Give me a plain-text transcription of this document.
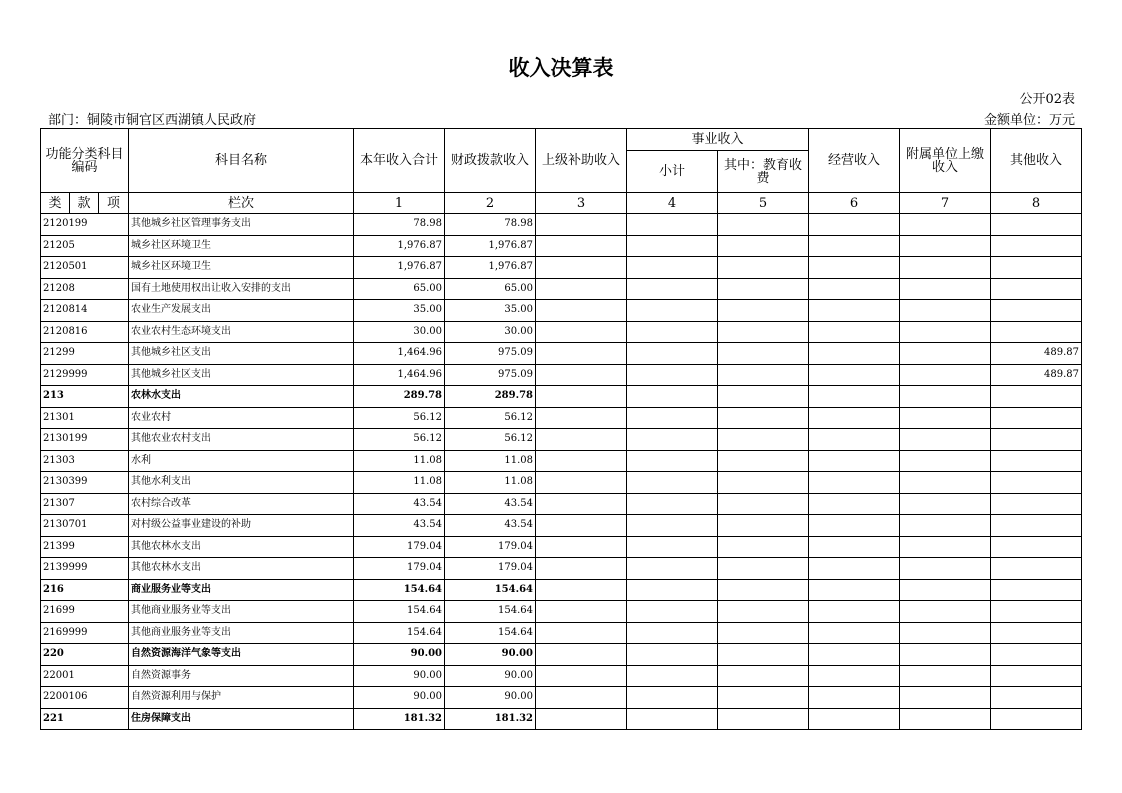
收入决算表
公开02表
部门：铜陵市铜官区西湖镇人民政府	金额单位：万元
功能分类科目编码			科目名称	本年收入合计	财政拨款收入	上级补助收入	事业收入		经营收入	附属单位上缴收入	其他收入
							小计	其中：教育收费			
类	款	项	栏次	1	2	3	4	5	6	7	8
2120199			其他城乡社区管理事务支出	78.98	78.98						
21205			城乡社区环境卫生	1,976.87	1,976.87						
2120501			城乡社区环境卫生	1,976.87	1,976.87						
21208			国有土地使用权出让收入安排的支出	65.00	65.00						
2120814			农业生产发展支出	35.00	35.00						
2120816			农业农村生态环境支出	30.00	30.00						
21299			其他城乡社区支出	1,464.96	975.09						489.87
2129999			其他城乡社区支出	1,464.96	975.09						489.87
213			农林水支出	289.78	289.78						
21301			农业农村	56.12	56.12						
2130199			其他农业农村支出	56.12	56.12						
21303			水利	11.08	11.08						
2130399			其他水利支出	11.08	11.08						
21307			农村综合改革	43.54	43.54						
2130701			对村级公益事业建设的补助	43.54	43.54						
21399			其他农林水支出	179.04	179.04						
2139999			其他农林水支出	179.04	179.04						
216			商业服务业等支出	154.64	154.64						
21699			其他商业服务业等支出	154.64	154.64						
2169999			其他商业服务业等支出	154.64	154.64						
220			自然资源海洋气象等支出	90.00	90.00						
22001			自然资源事务	90.00	90.00						
2200106			自然资源利用与保护	90.00	90.00						
221			住房保障支出	181.32	181.32						
